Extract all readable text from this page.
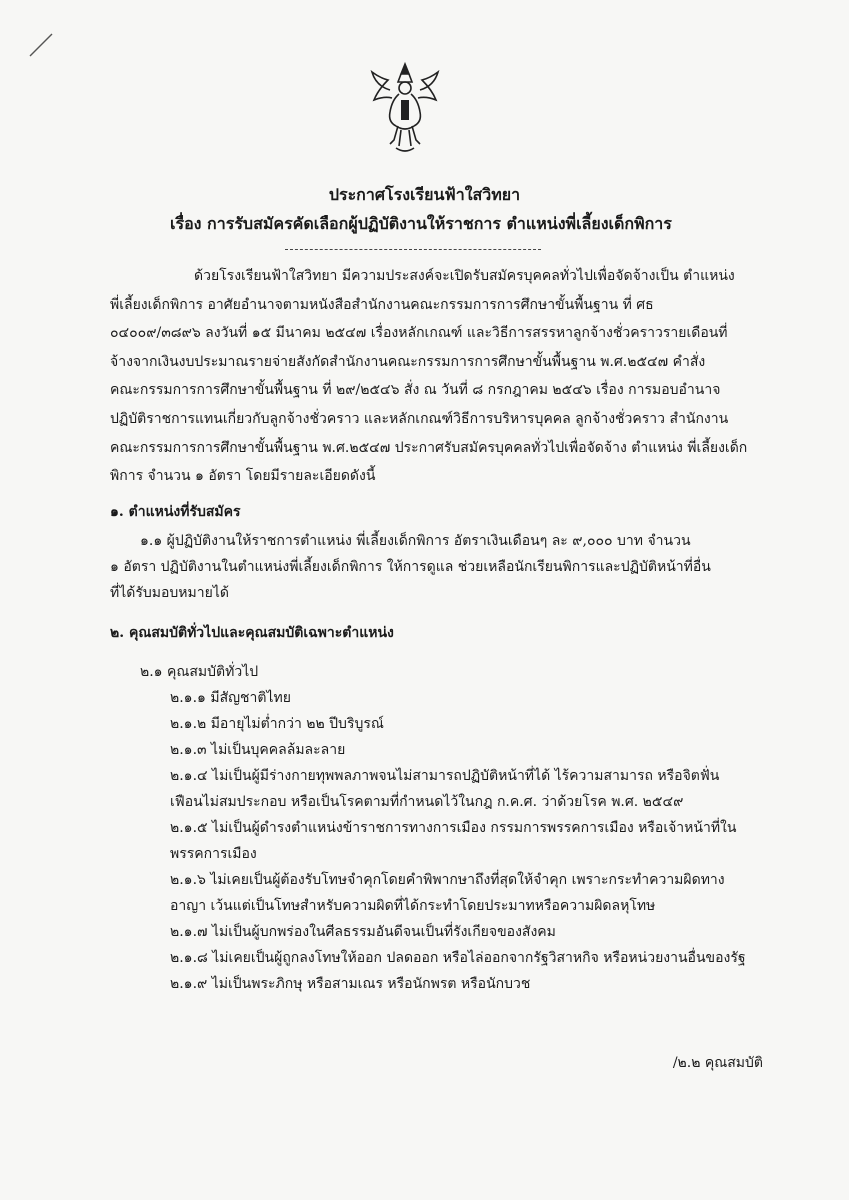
ประกาศโรงเรียนฟ้าใสวิทยา
เรื่อง การรับสมัครคัดเลือกผู้ปฏิบัติงานให้ราชการ ตำแหน่งพี่เลี้ยงเด็กพิการ
ด้วยโรงเรียนฟ้าใสวิทยา มีความประสงค์จะเปิดรับสมัครบุคคลทั่วไปเพื่อจัดจ้างเป็น ตำแหน่ง
พี่เลี้ยงเด็กพิการ อาศัยอำนาจตามหนังสือสำนักงานคณะกรรมการการศึกษาขั้นพื้นฐาน ที่ ศธ
๐๔๐๐๙/๓๘๙๖ ลงวันที่ ๑๕ มีนาคม ๒๕๔๗ เรื่องหลักเกณฑ์ และวิธีการสรรหาลูกจ้างชั่วคราวรายเดือนที่
จ้างจากเงินงบประมาณรายจ่ายสังกัดสำนักงานคณะกรรมการการศึกษาขั้นพื้นฐาน พ.ศ.๒๕๔๗ คำสั่ง
คณะกรรมการการศึกษาขั้นพื้นฐาน ที่ ๒๙/๒๕๔๖ สั่ง ณ วันที่ ๘ กรกฎาคม ๒๕๔๖ เรื่อง การมอบอำนาจ
ปฏิบัติราชการแทนเกี่ยวกับลูกจ้างชั่วคราว และหลักเกณฑ์วิธีการบริหารบุคคล ลูกจ้างชั่วคราว สำนักงาน
คณะกรรมการการศึกษาขั้นพื้นฐาน พ.ศ.๒๕๔๗ ประกาศรับสมัครบุคคลทั่วไปเพื่อจัดจ้าง ตำแหน่ง พี่เลี้ยงเด็ก
พิการ จำนวน ๑ อัตรา โดยมีรายละเอียดดังนี้
๑. ตำแหน่งที่รับสมัคร
๑.๑ ผู้ปฏิบัติงานให้ราชการตำแหน่ง พี่เลี้ยงเด็กพิการ อัตราเงินเดือนๆ ละ ๙,๐๐๐ บาท จำนวน
๑ อัตรา ปฏิบัติงานในตำแหน่งพี่เลี้ยงเด็กพิการ ให้การดูแล ช่วยเหลือนักเรียนพิการและปฏิบัติหน้าที่อื่น
ที่ได้รับมอบหมายได้
๒. คุณสมบัติทั่วไปและคุณสมบัติเฉพาะตำแหน่ง
๒.๑ คุณสมบัติทั่วไป
๒.๑.๑ มีสัญชาติไทย
๒.๑.๒ มีอายุไม่ต่ำกว่า ๒๒ ปีบริบูรณ์
๒.๑.๓ ไม่เป็นบุคคลล้มละลาย
๒.๑.๔ ไม่เป็นผู้มีร่างกายทุพพลภาพจนไม่สามารถปฏิบัติหน้าที่ได้ ไร้ความสามารถ หรือจิตฟั่น
เฟือนไม่สมประกอบ หรือเป็นโรคตามที่กำหนดไว้ในกฎ ก.ค.ศ. ว่าด้วยโรค พ.ศ. ๒๕๔๙
๒.๑.๕ ไม่เป็นผู้ดำรงตำแหน่งข้าราชการทางการเมือง กรรมการพรรคการเมือง หรือเจ้าหน้าที่ใน
พรรคการเมือง
๒.๑.๖ ไม่เคยเป็นผู้ต้องรับโทษจำคุกโดยคำพิพากษาถึงที่สุดให้จำคุก เพราะกระทำความผิดทาง
อาญา เว้นแต่เป็นโทษสำหรับความผิดที่ได้กระทำโดยประมาทหรือความผิดลหุโทษ
๒.๑.๗ ไม่เป็นผู้บกพร่องในศีลธรรมอันดีจนเป็นที่รังเกียจของสังคม
๒.๑.๘ ไม่เคยเป็นผู้ถูกลงโทษให้ออก ปลดออก หรือไล่ออกจากรัฐวิสาหกิจ หรือหน่วยงานอื่นของรัฐ
๒.๑.๙ ไม่เป็นพระภิกษุ หรือสามเณร หรือนักพรต หรือนักบวช
/๒.๒ คุณสมบัติ
